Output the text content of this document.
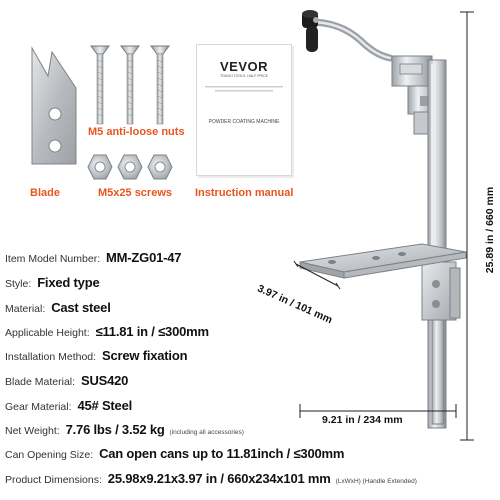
Blade
M5 anti-loose nuts
M5x25 screws
VEVOR
TOUGH TOOLS, HALF PRICE
POWDER COATING MACHINE
Instruction manual	25.89 in / 660 mm
3.97 in / 101 mm
9.21 in / 234 mm
Item Model Number: MM-ZG01-47
Style: Fixed type
Material: Cast steel
Applicable Height: ≤11.81 in / ≤300mm
Installation Method: Screw fixation
Blade Material: SUS420
Gear Material: 45# Steel
Net Weight: 7.76 lbs / 3.52 kg (including all accessories)
Can Opening Size: Can open cans up to 11.81inch / ≤300mm
Product Dimensions: 25.98x9.21x3.97 in / 660x234x101 mm (LxWxH) (Handle Extended)
